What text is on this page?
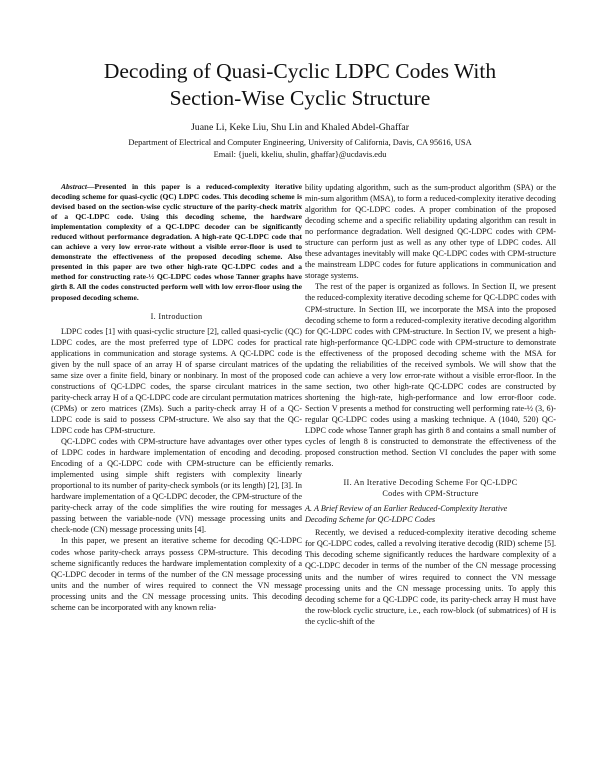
Decoding of Quasi-Cyclic LDPC Codes With
Section-Wise Cyclic Structure
Juane Li, Keke Liu, Shu Lin and Khaled Abdel-Ghaffar
Department of Electrical and Computer Engineering, University of California, Davis, CA 95616, USA
Email: {jueli, kkeliu, shulin, ghaffar}@ucdavis.edu

Abstract—Presented in this paper is a reduced-complexity iterative decoding scheme for quasi-cyclic (QC) LDPC codes. This decoding scheme is devised based on the section-wise cyclic structure of the parity-check matrix of a QC-LDPC code. Using this decoding scheme, the hardware implementation complexity of a QC-LDPC decoder can be significantly reduced without performance degradation. A high-rate QC-LDPC code that can achieve a very low error-rate without a visible error-floor is used to demonstrate the effectiveness of the proposed decoding scheme. Also presented in this paper are two other high-rate QC-LDPC codes and a method for constructing rate-½ QC-LDPC codes whose Tanner graphs have girth 8. All the codes constructed perform well with low error-floor using the proposed decoding scheme.

I. Introduction

LDPC codes [1] with quasi-cyclic structure [2], called quasi-cyclic (QC) LDPC codes, are the most preferred type of LDPC codes for practical applications in communication and storage systems. A QC-LDPC code is given by the null space of an array H of sparse circulant matrices of the same size over a finite field, binary or nonbinary. In most of the proposed constructions of QC-LDPC codes, the sparse circulant matrices in the parity-check array H of a QC-LDPC code are circulant permutation matrices (CPMs) or zero matrices (ZMs). Such a parity-check array H of a QC-LDPC code is said to possess CPM-structure. We also say that the QC-LDPC code has CPM-structure.

QC-LDPC codes with CPM-structure have advantages over other types of LDPC codes in hardware implementation of encoding and decoding. Encoding of a QC-LDPC code with CPM-structure can be efficiently implemented using simple shift registers with complexity linearly proportional to its number of parity-check symbols (or its length) [2], [3]. In hardware implementation of a QC-LDPC decoder, the CPM-structure of the parity-check array of the code simplifies the wire routing for messages passing between the variable-node (VN) message processing units and check-node (CN) message processing units [4].

In this paper, we present an iterative scheme for decoding QC-LDPC codes whose parity-check arrays possess CPM-structure. This decoding scheme significantly reduces the hardware implementation complexity of a QC-LDPC decoder in terms of the number of the CN message processing units and the number of wires required to connect the VN message processing units and the CN message processing units. This decoding scheme can be incorporated with any known relia-

bility updating algorithm, such as the sum-product algorithm (SPA) or the min-sum algorithm (MSA), to form a reduced-complexity iterative decoding algorithm for QC-LDPC codes. A proper combination of the proposed decoding scheme and a specific reliability updating algorithm can result in no performance degradation. Well designed QC-LDPC codes with CPM-structure can perform just as well as any other type of LDPC codes. All these advantages inevitably will make QC-LDPC codes with CPM-structure the mainstream LDPC codes for future applications in communication and storage systems.

The rest of the paper is organized as follows. In Section II, we present the reduced-complexity iterative decoding scheme for QC-LDPC codes with CPM-structure. In Section III, we incorporate the MSA into the proposed decoding scheme to form a reduced-complexity iterative decoding algorithm for QC-LDPC codes with CPM-structure. In Section IV, we present a high-rate high-performance QC-LDPC code with CPM-structure to demonstrate the effectiveness of the proposed decoding scheme with the MSA for updating the reliabilities of the received symbols. We will show that the code can achieve a very low error-rate without a visible error-floor. In the same section, two other high-rate QC-LDPC codes are constructed by shortening the high-rate, high-performance and low error-floor code. Section V presents a method for constructing well performing rate-½ (3, 6)-regular QC-LDPC codes using a masking technique. A (1040, 520) QC-LDPC code whose Tanner graph has girth 8 and contains a small number of cycles of length 8 is constructed to demonstrate the effectiveness of the proposed construction method. Section VI concludes the paper with some remarks.

II. An Iterative Decoding Scheme For QC-LDPC
Codes with CPM-Structure
A. A Brief Review of an Earlier Reduced-Complexity Iterative
Decoding Scheme for QC-LDPC Codes

Recently, we devised a reduced-complexity iterative decoding scheme for QC-LDPC codes, called a revolving iterative decodig (RID) scheme [5]. This decoding scheme significantly reduces the hardware complexity of a QC-LDPC decoder in terms of the number of the CN message processing units and the number of wires required to connect the VN message processing units and the CN message processing units. To apply this decoding scheme for a QC-LDPC code, its parity-check array H must have the row-block cyclic structure, i.e., each row-block (of submatrices) of H is the cyclic-shift of the
